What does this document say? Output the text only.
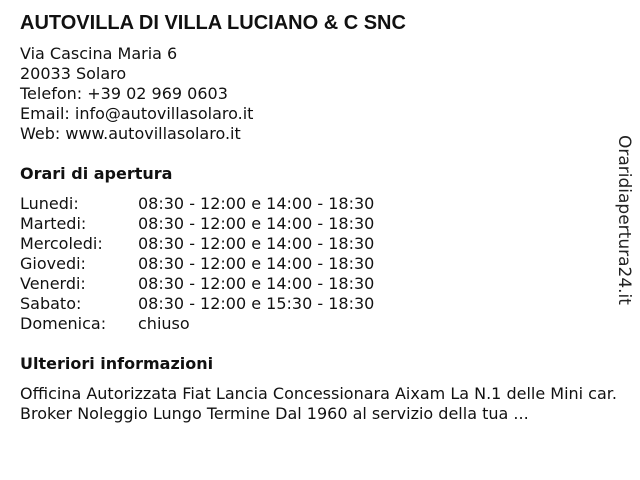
AUTOVILLA DI VILLA LUCIANO & C SNC
Via Cascina Maria 6
20033 Solaro
Telefon: +39 02 969 0603
Email: info@autovillasolaro.it
Web: www.autovillasolaro.it
Orari di apertura
Lunedi:	08:30 - 12:00 e 14:00 - 18:30
Martedi:	08:30 - 12:00 e 14:00 - 18:30
Mercoledi:	08:30 - 12:00 e 14:00 - 18:30
Giovedi:	08:30 - 12:00 e 14:00 - 18:30
Venerdi:	08:30 - 12:00 e 14:00 - 18:30
Sabato:	08:30 - 12:00 e 15:30 - 18:30
Domenica:	chiuso
Ulteriori informazioni
Officina Autorizzata Fiat Lancia Concessionara Aixam La N.1 delle Mini car. Broker Noleggio Lungo Termine Dal 1960 al servizio della tua ...
Oraridiapertura24.it
